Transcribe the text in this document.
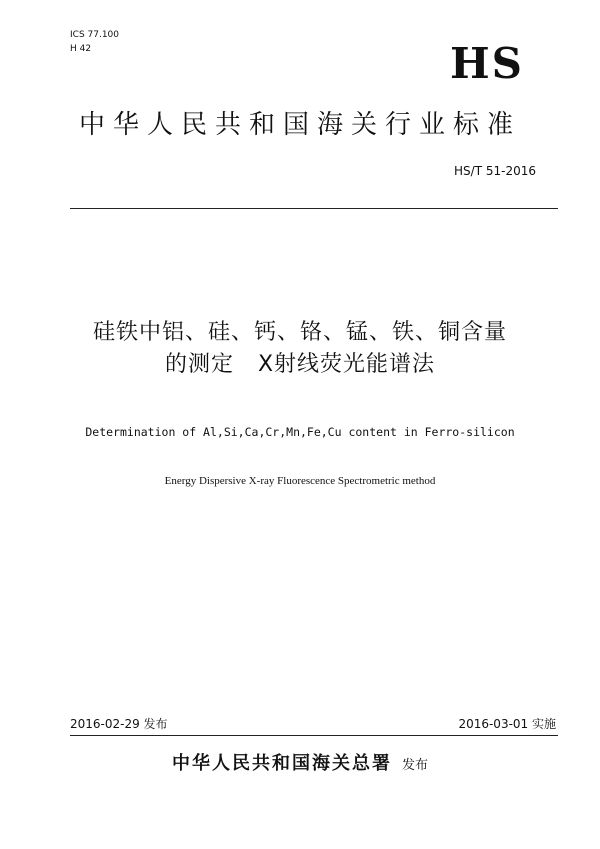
ICS 77.100
H 42	HS
中华人民共和国海关行业标准
HS/T 51-2016
硅铁中铝、硅、钙、铬、锰、铁、铜含量
的测定   X射线荧光能谱法
Determination of Al,Si,Ca,Cr,Mn,Fe,Cu content in Ferro-silicon
Energy Dispersive X-ray Fluorescence Spectrometric method
2016-02-29 发布	2016-03-01 实施
中华人民共和国海关总署 发布
